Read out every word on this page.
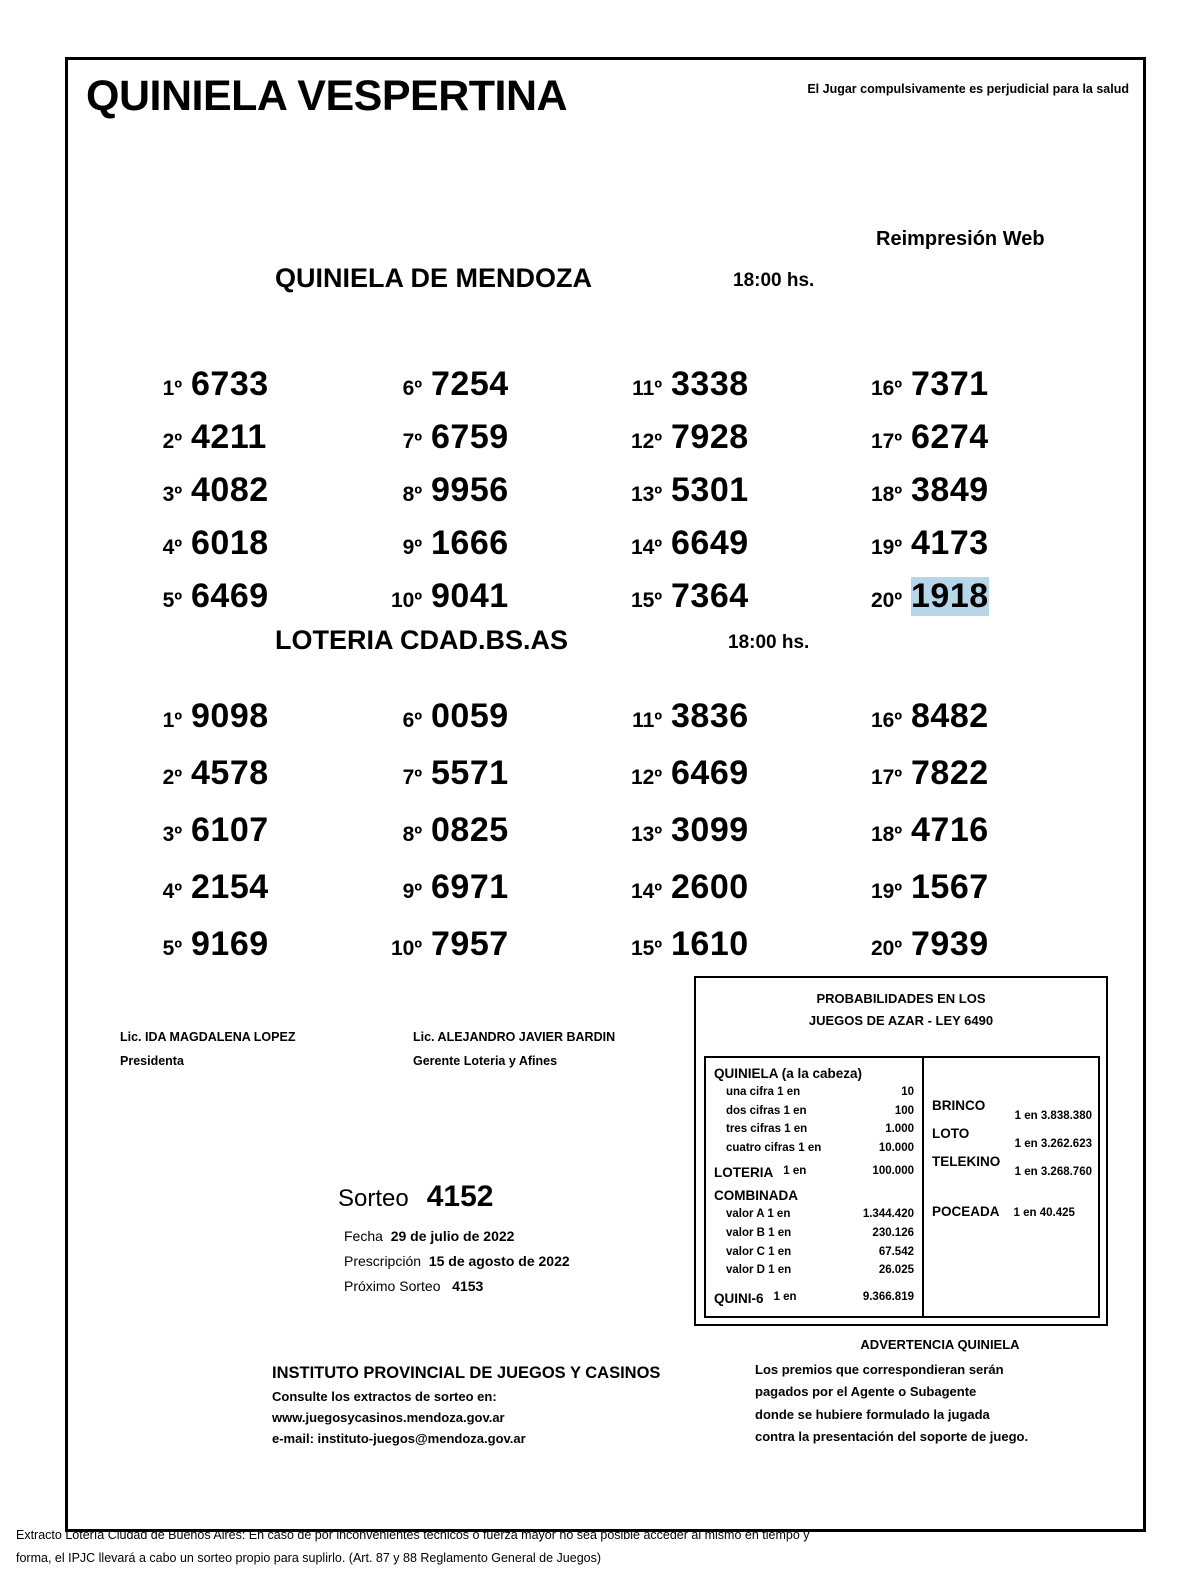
QUINIELA VESPERTINA	El Jugar compulsivamente es perjudicial para la salud
Reimpresión Web
QUINIELA DE MENDOZA	18:00 hs.
1º 6733	6º 7254	11º 3338	16º 7371
2º 4211	7º 6759	12º 7928	17º 6274
3º 4082	8º 9956	13º 5301	18º 3849
4º 6018	9º 1666	14º 6649	19º 4173
5º 6469	10º 9041	15º 7364	20º 1918
LOTERIA CDAD.BS.AS	18:00 hs.
1º 9098	6º 0059	11º 3836	16º 8482
2º 4578	7º 5571	12º 6469	17º 7822
3º 6107	8º 0825	13º 3099	18º 4716
4º 2154	9º 6971	14º 2600	19º 1567
5º 9169	10º 7957	15º 1610	20º 7939
Lic. IDA MAGDALENA LOPEZ
Presidenta
Lic. ALEJANDRO JAVIER BARDIN
Gerente Loteria y Afines
Sorteo 4152
Fecha 29 de julio de 2022
Prescripción 15 de agosto de 2022
Próximo Sorteo 4153
PROBABILIDADES EN LOS
JUEGOS DE AZAR - LEY 6490
QUINIELA (a la cabeza)
una cifra 1 en	10
dos cifras 1 en	100
tres cifras 1 en	1.000
cuatro cifras 1 en	10.000
LOTERIA 1 en	100.000
COMBINADA
valor A 1 en	1.344.420
valor B 1 en	230.126
valor C 1 en	67.542
valor D 1 en	26.025
QUINI-6 1 en	9.366.819
BRINCO
1 en 3.838.380
LOTO
1 en 3.262.623
TELEKINO
1 en 3.268.760
POCEADA 1 en 40.425
ADVERTENCIA QUINIELA
Los premios que correspondieran serán
pagados por el Agente o Subagente
donde se hubiere formulado la jugada
contra la presentación del soporte de juego.
INSTITUTO PROVINCIAL DE JUEGOS Y CASINOS
Consulte los extractos de sorteo en:
www.juegosycasinos.mendoza.gov.ar
e-mail: instituto-juegos@mendoza.gov.ar
Extracto Lotería Ciudad de Buenos Aires: En caso de por inconvenientes técnicos o fuerza mayor no sea posible acceder al mismo en tiempo y
forma, el IPJC llevará a cabo un sorteo propio para suplirlo. (Art. 87 y 88 Reglamento General de Juegos)
